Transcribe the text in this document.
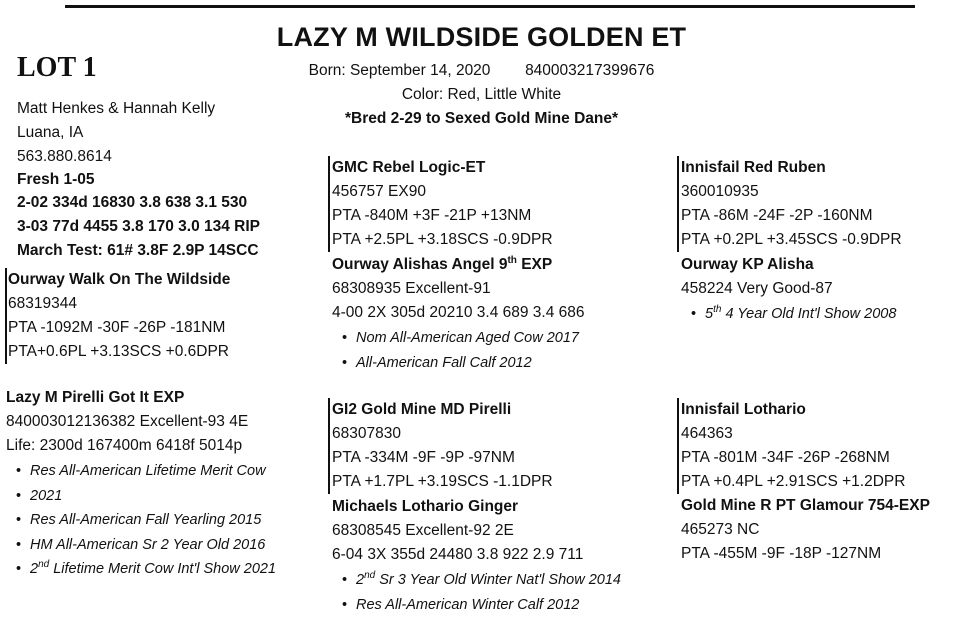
LAZY M WILDSIDE GOLDEN ET
Born: September 14, 2020 840003217399676
Color: Red, Little White
*Bred 2-29 to Sexed Gold Mine Dane*
LOT 1
Matt Henkes & Hannah Kelly
Luana, IA
563.880.8614
Fresh 1-05
2-02 334d 16830 3.8 638 3.1 530
3-03 77d 4455 3.8 170 3.0 134 RIP
March Test: 61# 3.8F 2.9P 14SCC
Ourway Walk On The Wildside
68319344
PTA -1092M -30F -26P -181NM
PTA+0.6PL +3.13SCS +0.6DPR
Lazy M Pirelli Got It EXP
840003012136382 Excellent-93 4E
Life: 2300d 167400m 6418f 5014p
• Res All-American Lifetime Merit Cow
• 2021
• Res All-American Fall Yearling 2015
• HM All-American Sr 2 Year Old 2016
• 2nd Lifetime Merit Cow Int'l Show 2021
GMC Rebel Logic-ET
456757 EX90
PTA -840M +3F -21P +13NM
PTA +2.5PL +3.18SCS -0.9DPR
Ourway Alishas Angel 9th EXP
68308935 Excellent-91
4-00 2X 305d 20210 3.4 689 3.4 686
• Nom All-American Aged Cow 2017
• All-American Fall Calf 2012
Innisfail Red Ruben
360010935
PTA -86M -24F -2P -160NM
PTA +0.2PL +3.45SCS -0.9DPR
Ourway KP Alisha
458224 Very Good-87
• 5th 4 Year Old Int'l Show 2008
GI2 Gold Mine MD Pirelli
68307830
PTA -334M -9F -9P -97NM
PTA +1.7PL +3.19SCS -1.1DPR
Michaels Lothario Ginger
68308545 Excellent-92 2E
6-04 3X 355d 24480 3.8 922 2.9 711
• 2nd Sr 3 Year Old Winter Nat'l Show 2014
• Res All-American Winter Calf 2012
Innisfail Lothario
464363
PTA -801M -34F -26P -268NM
PTA +0.4PL +2.91SCS +1.2DPR
Gold Mine R PT Glamour 754-EXP
465273 NC
PTA -455M -9F -18P -127NM
